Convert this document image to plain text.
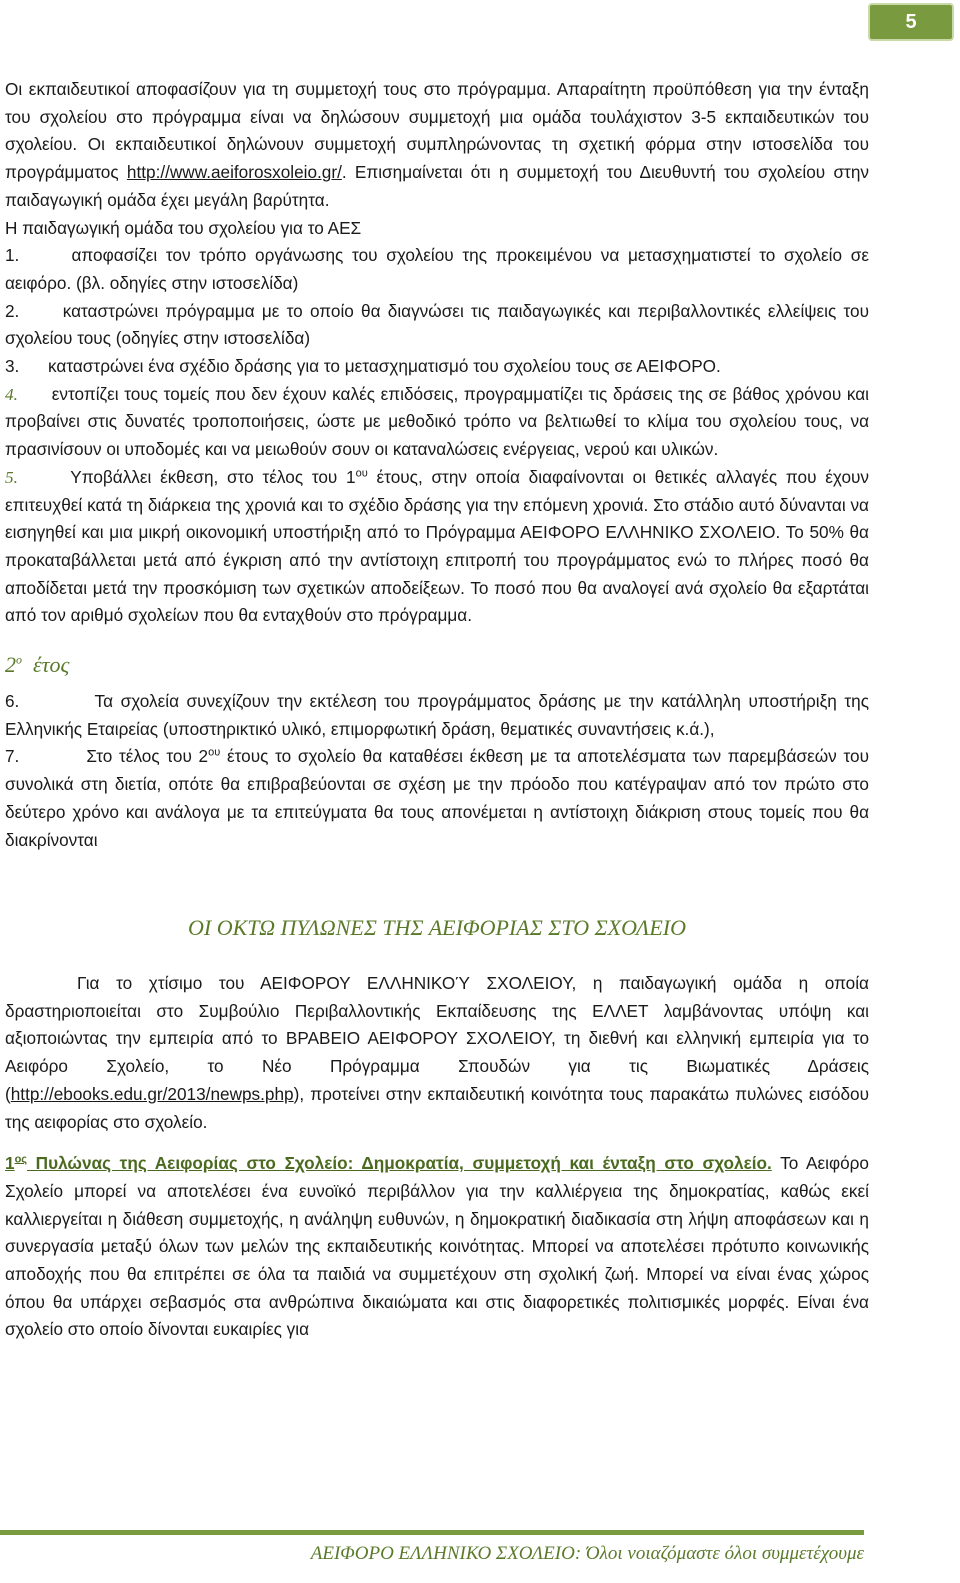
5

Οι εκπαιδευτικοί αποφασίζουν για τη συμμετοχή τους στο πρόγραμμα. Απαραίτητη προϋπόθεση για την ένταξη του σχολείου στο πρόγραμμα είναι να δηλώσουν συμμετοχή μια ομάδα τουλάχιστον 3-5 εκπαιδευτικών του σχολείου. Οι εκπαιδευτικοί δηλώνουν συμμετοχή συμπληρώνοντας τη σχετική φόρμα στην ιστοσελίδα του προγράμματος http://www.aeiforosxoleio.gr/. Επισημαίνεται ότι η συμμετοχή του Διευθυντή του σχολείου στην παιδαγωγική ομάδα έχει μεγάλη βαρύτητα.

Η παιδαγωγική ομάδα του σχολείου για το ΑΕΣ

1.	αποφασίζει τον τρόπο οργάνωσης του σχολείου της προκειμένου να μετασχηματιστεί το σχολείο σε αειφόρο. (βλ. οδηγίες στην ιστοσελίδα)

2.	καταστρώνει πρόγραμμα με το οποίο θα διαγνώσει τις παιδαγωγικές και περιβαλλοντικές ελλείψεις του σχολείου τους (οδηγίες στην ιστοσελίδα)

3. καταστρώνει ένα σχέδιο δράσης για το μετασχηματισμό του σχολείου τους σε ΑΕΙΦΟΡΟ.

4. εντοπίζει τους τομείς που δεν έχουν καλές επιδόσεις, προγραμματίζει τις δράσεις της σε βάθος χρόνου και προβαίνει στις δυνατές τροποποιήσεις, ώστε με μεθοδικό τρόπο να βελτιωθεί το κλίμα του σχολείου τους, να πρασινίσουν οι υποδομές και να μειωθούν σουν οι καταναλώσεις ενέργειας, νερού και υλικών.

5.	Υποβάλλει έκθεση, στο τέλος του $1^{o\upsilon}$ έτους, στην οποία διαφαίνονται οι θετικές αλλαγές που έχουν επιτευχθεί κατά τη διάρκεια της χρονιά και το σχέδιο δράσης για την επόμενη χρονιά. Στο στάδιο αυτό δύνανται να εισηγηθεί και μια μικρή οικονομική υποστήριξη από το Πρόγραμμα ΑΕΙΦΟΡΟ ΕΛΛΗΝΙΚΟ ΣΧΟΛΕΙΟ. Το 50% θα προκαταβάλλεται μετά από έγκριση από την αντίστοιχη επιτροπή του προγράμματος ενώ το πλήρες ποσό θα αποδίδεται μετά την προσκόμιση των σχετικών αποδείξεων. Το ποσό που θα αναλογεί ανά σχολείο θα εξαρτάται από τον αριθμό σχολείων που θα ενταχθούν στο πρόγραμμα.

$2^o$ έτος

6.	Τα σχολεία συνεχίζουν την εκτέλεση του προγράμματος δράσης με την κατάλληλη υποστήριξη της Ελληνικής Εταιρείας (υποστηρικτικό υλικό, επιμορφωτική δράση, θεματικές συναντήσεις κ.ά.),

7.	Στο τέλος του $2^{o\upsilon}$ έτους το σχολείο θα καταθέσει έκθεση με τα αποτελέσματα των παρεμβάσεών του συνολικά στη διετία, οπότε θα επιβραβεύονται σε σχέση με την πρόοδο που κατέγραψαν από τον πρώτο στο δεύτερο χρόνο και ανάλογα με τα επιτεύγματα θα τους απονέμεται η αντίστοιχη διάκριση στους τομείς που θα διακρίνονται

ΟΙ ΟΚΤΩ ΠΥΛΩΝΕΣ ΤΗΣ ΑΕΙΦΟΡΙΑΣ ΣΤΟ ΣΧΟΛΕΙΟ

Για το χτίσιμο του ΑΕΙΦΟΡΟΥ ΕΛΛΗΝΙΚΟΎ ΣΧΟΛΕΙΟΥ, η παιδαγωγική ομάδα η οποία δραστηριοποιείται στο Συμβούλιο Περιβαλλοντικής Εκπαίδευσης της ΕΛΛΕΤ λαμβάνοντας υπόψη και αξιοποιώντας την εμπειρία από το ΒΡΑΒΕΙΟ ΑΕΙΦΟΡΟΥ ΣΧΟΛΕΙΟΥ, τη διεθνή και ελληνική εμπειρία για το Αειφόρο Σχολείο, το Νέο Πρόγραμμα Σπουδών για τις Βιωματικές Δράσεις (http://ebooks.edu.gr/2013/newps.php), προτείνει στην εκπαιδευτική κοινότητα τους παρακάτω πυλώνες εισόδου της αειφορίας στο σχολείο.

$1^{o\varsigma}$ Πυλώνας της Αειφορίας στο Σχολείο: Δημοκρατία, συμμετοχή και ένταξη στο σχολείο. Το Αειφόρο Σχολείο μπορεί να αποτελέσει ένα ευνοϊκό περιβάλλον για την καλλιέργεια της δημοκρατίας, καθώς εκεί καλλιεργείται η διάθεση συμμετοχής, η ανάληψη ευθυνών, η δημοκρατική διαδικασία στη λήψη αποφάσεων και η συνεργασία μεταξύ όλων των μελών της εκπαιδευτικής κοινότητας. Μπορεί να αποτελέσει πρότυπο κοινωνικής αποδοχής που θα επιτρέπει σε όλα τα παιδιά να συμμετέχουν στη σχολική ζωή. Μπορεί να είναι ένας χώρος όπου θα υπάρχει σεβασμός στα ανθρώπινα δικαιώματα και στις διαφορετικές πολιτισμικές μορφές. Είναι ένα σχολείο στο οποίο δίνονται ευκαιρίες για

ΑΕΙΦΟΡΟ ΕΛΛΗΝΙΚΟ ΣΧΟΛΕΙΟ: Όλοι νοιαζόμαστε όλοι συμμετέχουμε
